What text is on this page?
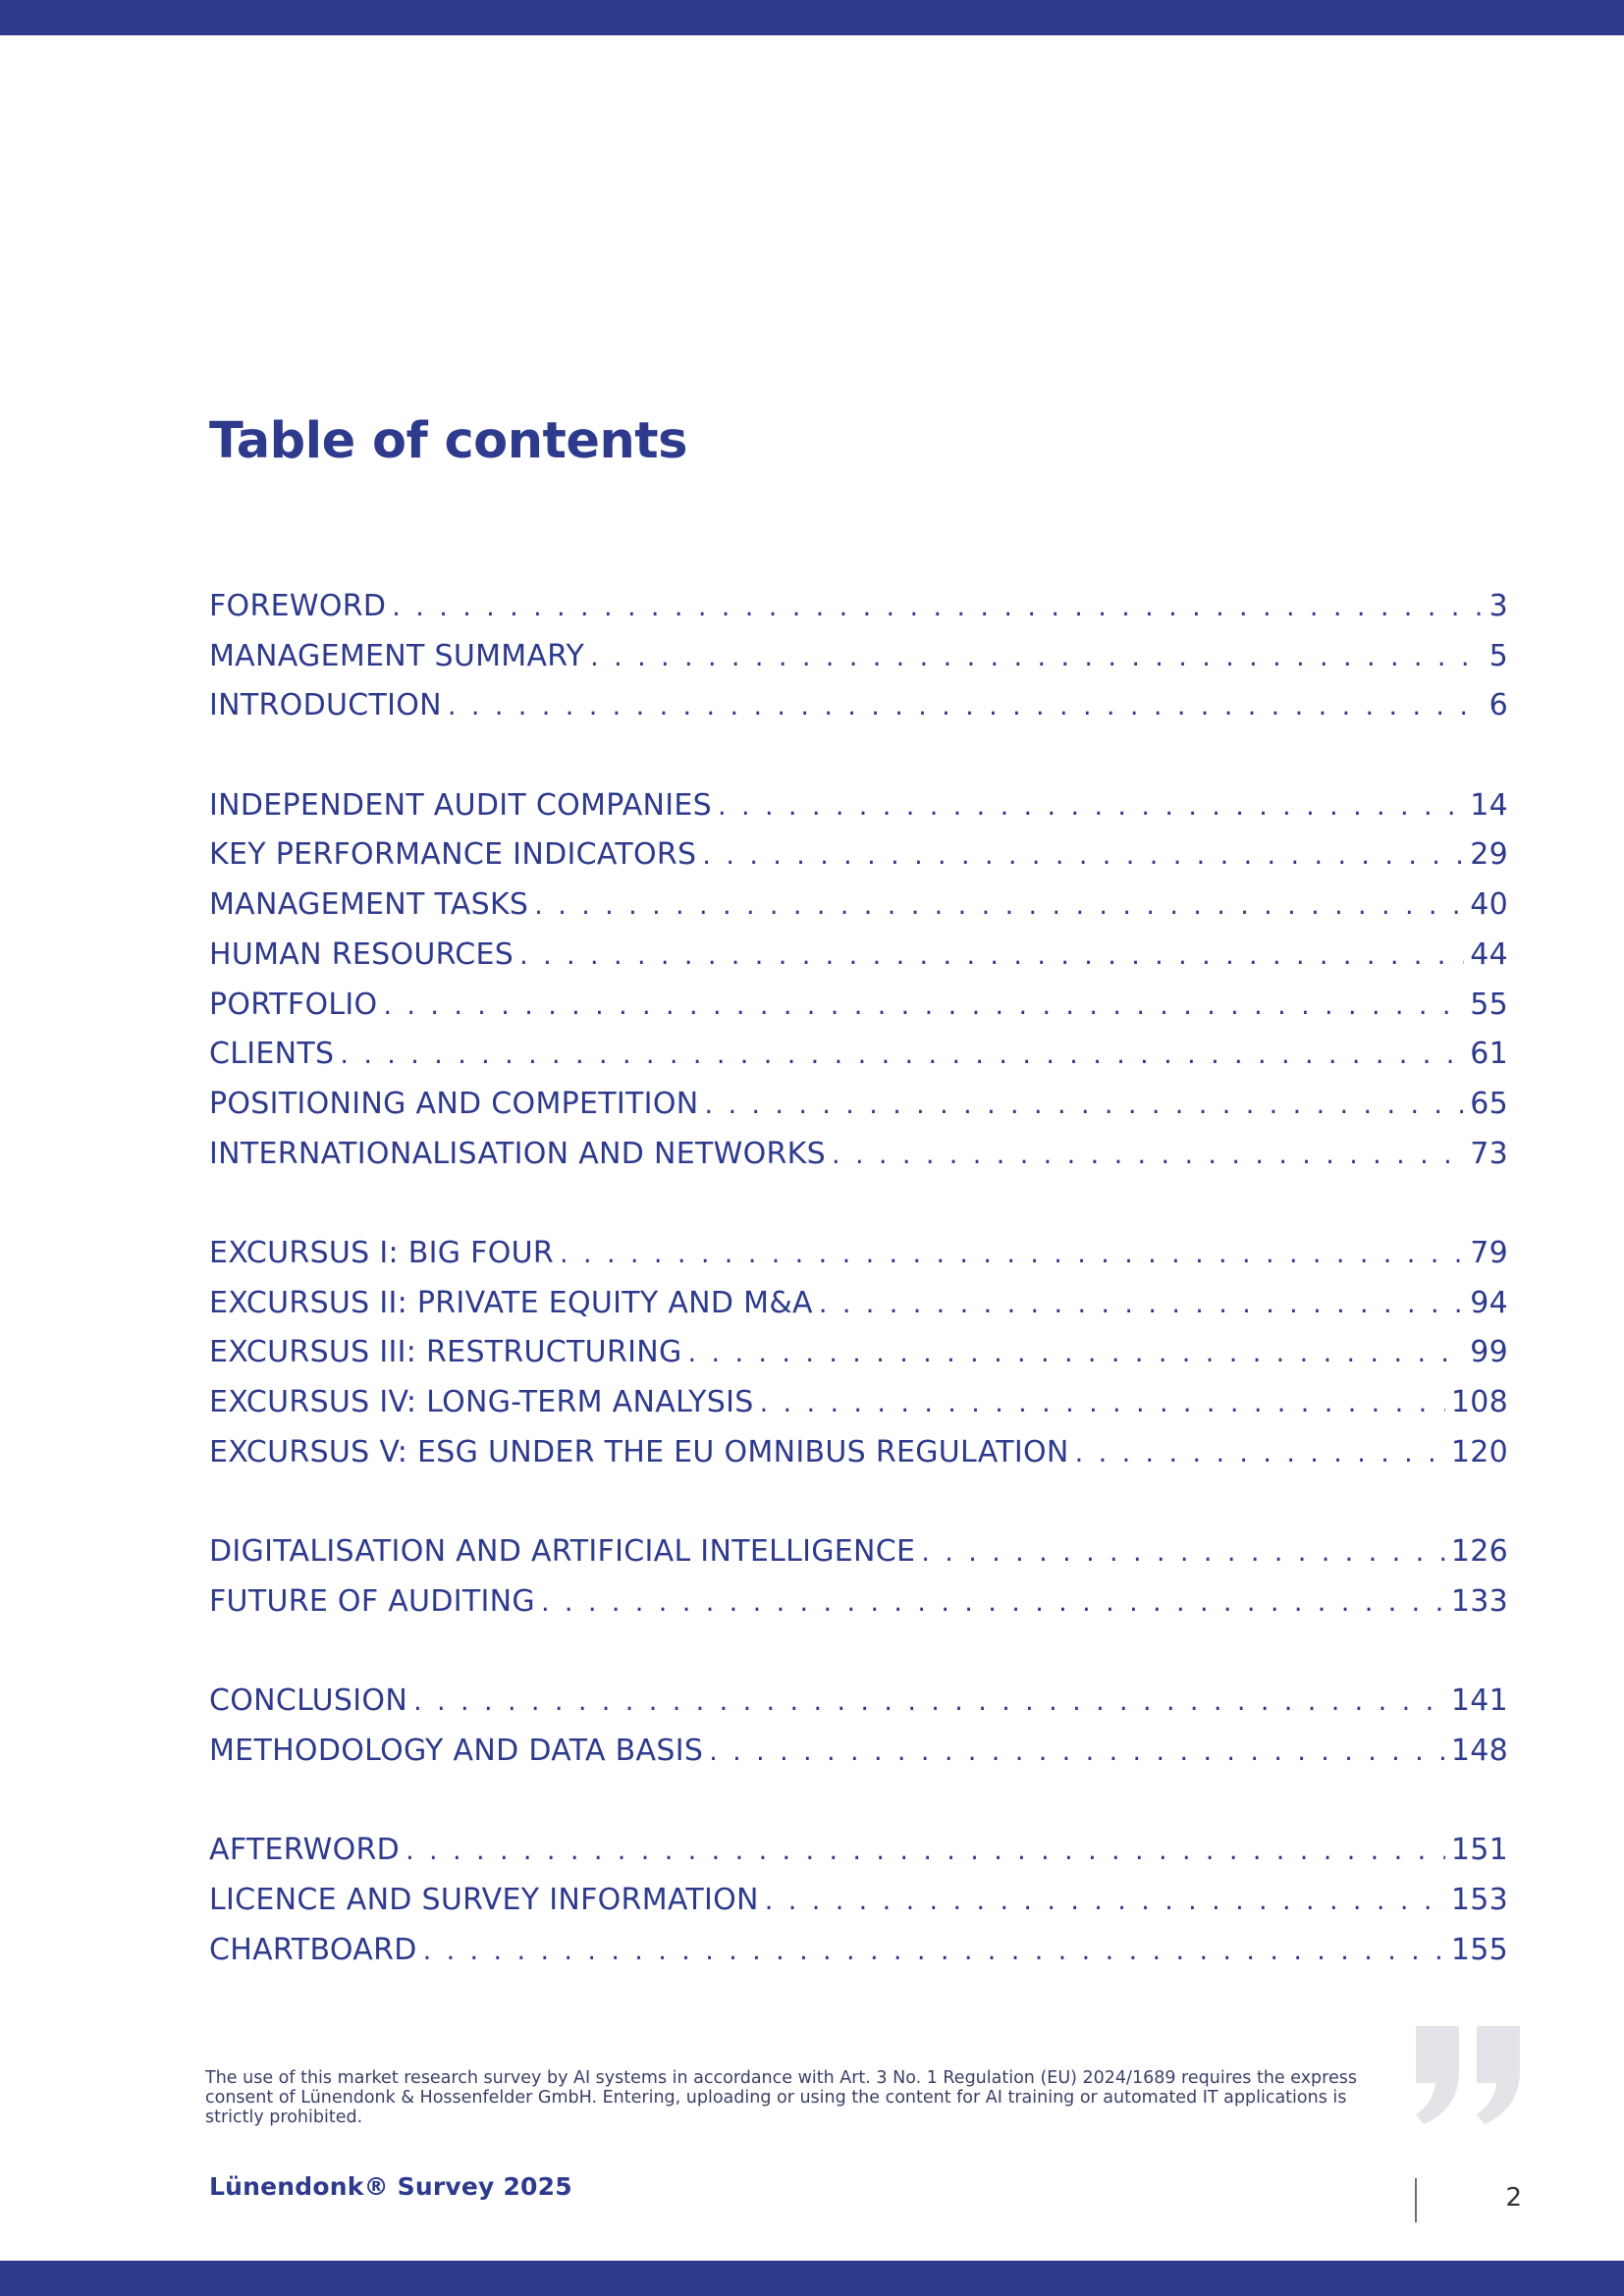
Table of contents
FOREWORD . . .	3
MANAGEMENT SUMMARY . . .	5
INTRODUCTION . . .	6
INDEPENDENT AUDIT COMPANIES . . .	14
KEY PERFORMANCE INDICATORS . . .	29
MANAGEMENT TASKS . . .	40
HUMAN RESOURCES . . .	44
PORTFOLIO . . .	55
CLIENTS . . .	61
POSITIONING AND COMPETITION . . .	65
INTERNATIONALISATION AND NETWORKS . . .	73
EXCURSUS I: BIG FOUR . . .	79
EXCURSUS II: PRIVATE EQUITY AND M&A . . .	94
EXCURSUS III: RESTRUCTURING . . .	99
EXCURSUS IV: LONG-TERM ANALYSIS . . .	108
EXCURSUS V: ESG UNDER THE EU OMNIBUS REGULATION . . .	120
DIGITALISATION AND ARTIFICIAL INTELLIGENCE . . .	126
FUTURE OF AUDITING . . .	133
CONCLUSION . . .	141
METHODOLOGY AND DATA BASIS . . .	148
AFTERWORD . . .	151
LICENCE AND SURVEY INFORMATION . . .	153
CHARTBOARD . . .	155
The use of this market research survey by AI systems in accordance with Art. 3 No. 1 Regulation (EU) 2024/1689 requires the express consent of Lünendonk & Hossenfelder GmbH. Entering, uploading or using the content for AI training or automated IT applications is strictly prohibited.
Lünendonk® Survey 2025	2
